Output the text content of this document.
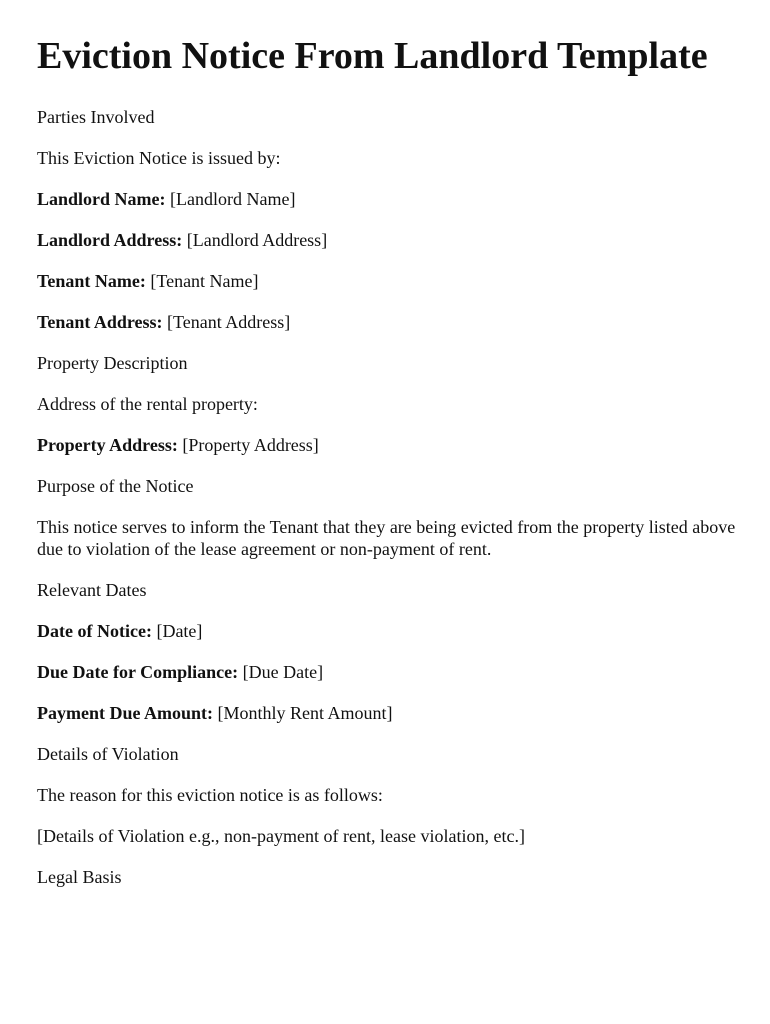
Eviction Notice From Landlord Template

Parties Involved

This Eviction Notice is issued by:

Landlord Name: [Landlord Name]

Landlord Address: [Landlord Address]

Tenant Name: [Tenant Name]

Tenant Address: [Tenant Address]

Property Description

Address of the rental property:

Property Address: [Property Address]

Purpose of the Notice

This notice serves to inform the Tenant that they are being evicted from the property listed above due to violation of the lease agreement or non-payment of rent.

Relevant Dates

Date of Notice: [Date]

Due Date for Compliance: [Due Date]

Payment Due Amount: [Monthly Rent Amount]

Details of Violation

The reason for this eviction notice is as follows:

[Details of Violation e.g., non-payment of rent, lease violation, etc.]

Legal Basis
